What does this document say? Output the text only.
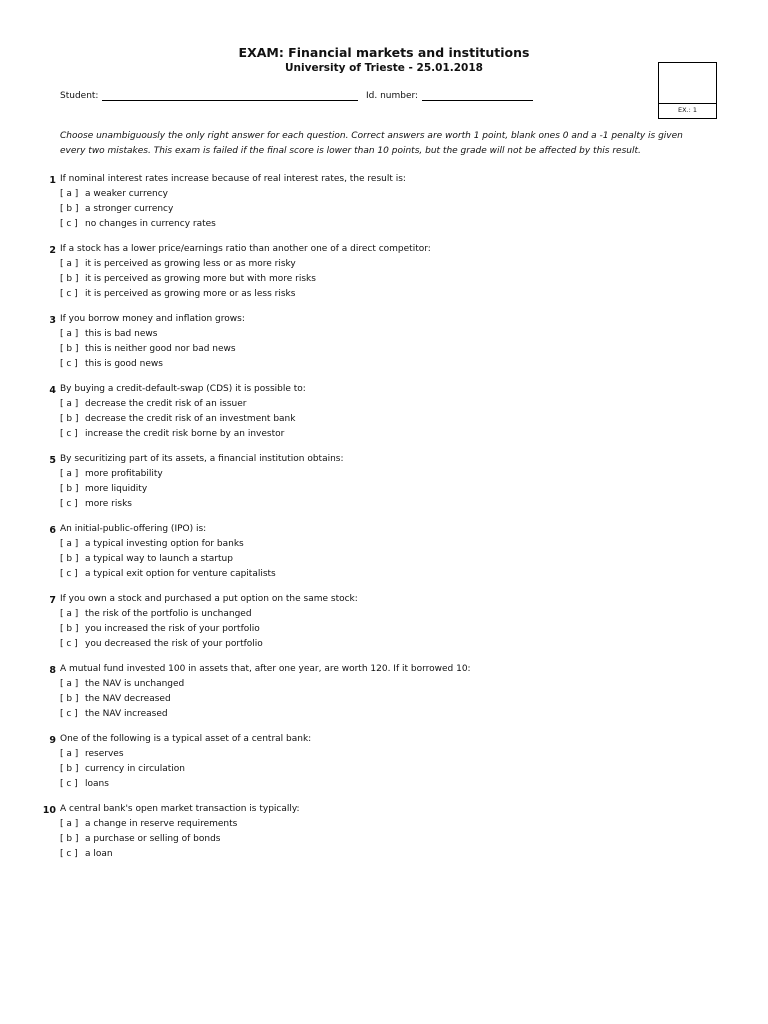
EXAM: Financial markets and institutions
University of Trieste - 25.01.2018
EX.: 1
Student:	Id. number:
Choose unambiguously the only right answer for each question. Correct answers are worth 1 point, blank ones 0 and a -1 penalty is given every two mistakes. This exam is failed if the final score is lower than 10 points, but the grade will not be affected by this result.
1 If nominal interest rates increase because of real interest rates, the result is:
[ a ] a weaker currency
[ b ] a stronger currency
[ c ] no changes in currency rates
2 If a stock has a lower price/earnings ratio than another one of a direct competitor:
[ a ] it is perceived as growing less or as more risky
[ b ] it is perceived as growing more but with more risks
[ c ] it is perceived as growing more or as less risks
3 If you borrow money and inflation grows:
[ a ] this is bad news
[ b ] this is neither good nor bad news
[ c ] this is good news
4 By buying a credit-default-swap (CDS) it is possible to:
[ a ] decrease the credit risk of an issuer
[ b ] decrease the credit risk of an investment bank
[ c ] increase the credit risk borne by an investor
5 By securitizing part of its assets, a financial institution obtains:
[ a ] more profitability
[ b ] more liquidity
[ c ] more risks
6 An initial-public-offering (IPO) is:
[ a ] a typical investing option for banks
[ b ] a typical way to launch a startup
[ c ] a typical exit option for venture capitalists
7 If you own a stock and purchased a put option on the same stock:
[ a ] the risk of the portfolio is unchanged
[ b ] you increased the risk of your portfolio
[ c ] you decreased the risk of your portfolio
8 A mutual fund invested 100 in assets that, after one year, are worth 120. If it borrowed 10:
[ a ] the NAV is unchanged
[ b ] the NAV decreased
[ c ] the NAV increased
9 One of the following is a typical asset of a central bank:
[ a ] reserves
[ b ] currency in circulation
[ c ] loans
10 A central bank's open market transaction is typically:
[ a ] a change in reserve requirements
[ b ] a purchase or selling of bonds
[ c ] a loan
